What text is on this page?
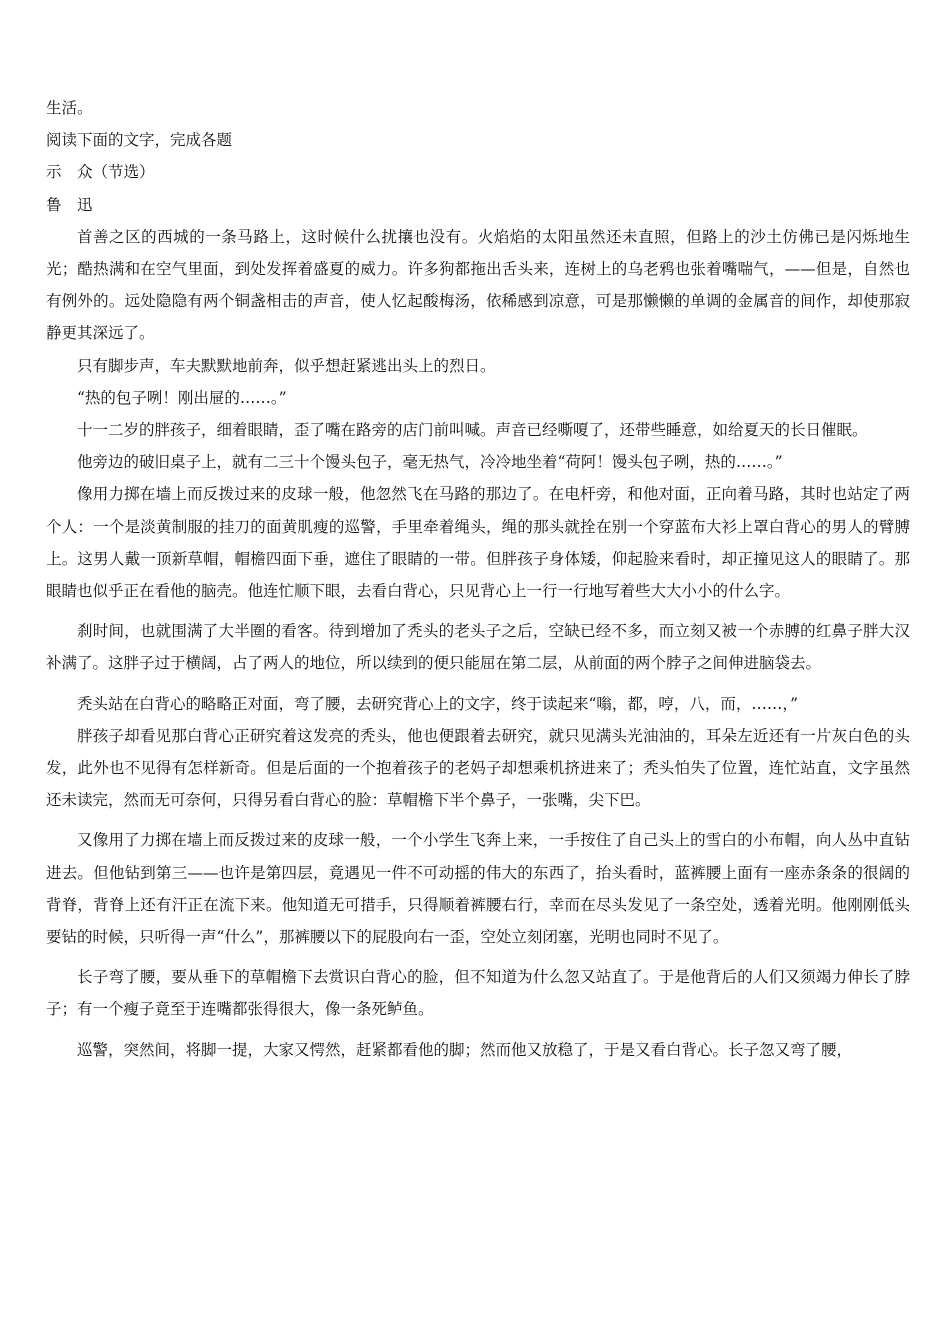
生活。

阅读下面的文字，完成各题

示　众（节选）

鲁　迅

首善之区的西城的一条马路上，这时候什么扰攘也没有。火焰焰的太阳虽然还未直照，但路上的沙土仿佛已是闪烁地生光；酷热满和在空气里面，到处发挥着盛夏的威力。许多狗都拖出舌头来，连树上的乌老鸦也张着嘴喘气，——但是，自然也有例外的。远处隐隐有两个铜盏相击的声音，使人忆起酸梅汤，依稀感到凉意，可是那懒懒的单调的金属音的间作，却使那寂静更其深远了。

只有脚步声，车夫默默地前奔，似乎想赶紧逃出头上的烈日。

“热的包子咧！刚出屉的……。”

十一二岁的胖孩子，细着眼睛，歪了嘴在路旁的店门前叫喊。声音已经嘶嗄了，还带些睡意，如给夏天的长日催眠。

他旁边的破旧桌子上，就有二三十个馒头包子，毫无热气，冷冷地坐着“荷阿！馒头包子咧，热的……。”

像用力掷在墙上而反拨过来的皮球一般，他忽然飞在马路的那边了。在电杆旁，和他对面，正向着马路，其时也站定了两个人：一个是淡黄制服的挂刀的面黄肌瘦的巡警，手里牵着绳头，绳的那头就拴在别一个穿蓝布大衫上罩白背心的男人的臂膊上。这男人戴一顶新草帽，帽檐四面下垂，遮住了眼睛的一带。但胖孩子身体矮，仰起脸来看时，却正撞见这人的眼睛了。那眼睛也似乎正在看他的脑壳。他连忙顺下眼，去看白背心，只见背心上一行一行地写着些大大小小的什么字。

刹时间，也就围满了大半圈的看客。待到增加了秃头的老头子之后，空缺已经不多，而立刻又被一个赤膊的红鼻子胖大汉补满了。这胖子过于横阔，占了两人的地位，所以续到的便只能屈在第二层，从前面的两个脖子之间伸进脑袋去。

秃头站在白背心的略略正对面，弯了腰，去研究背心上的文字，终于读起来“嗡，都，哼，八，而，……，”

胖孩子却看见那白背心正研究着这发亮的秃头，他也便跟着去研究，就只见满头光油油的，耳朵左近还有一片灰白色的头发，此外也不见得有怎样新奇。但是后面的一个抱着孩子的老妈子却想乘机挤进来了；秃头怕失了位置，连忙站直，文字虽然还未读完，然而无可奈何，只得另看白背心的脸：草帽檐下半个鼻子，一张嘴，尖下巴。

又像用了力掷在墙上而反拨过来的皮球一般，一个小学生飞奔上来，一手按住了自己头上的雪白的小布帽，向人丛中直钻进去。但他钻到第三——也许是第四层，竟遇见一件不可动摇的伟大的东西了，抬头看时，蓝裤腰上面有一座赤条条的很阔的背脊，背脊上还有汗正在流下来。他知道无可措手，只得顺着裤腰右行，幸而在尽头发见了一条空处，透着光明。他刚刚低头要钻的时候，只听得一声“什么”，那裤腰以下的屁股向右一歪，空处立刻闭塞，光明也同时不见了。

长子弯了腰，要从垂下的草帽檐下去赏识白背心的脸，但不知道为什么忽又站直了。于是他背后的人们又须竭力伸长了脖子；有一个瘦子竟至于连嘴都张得很大，像一条死鲈鱼。

巡警，突然间，将脚一提，大家又愕然，赶紧都看他的脚；然而他又放稳了，于是又看白背心。长子忽又弯了腰，
